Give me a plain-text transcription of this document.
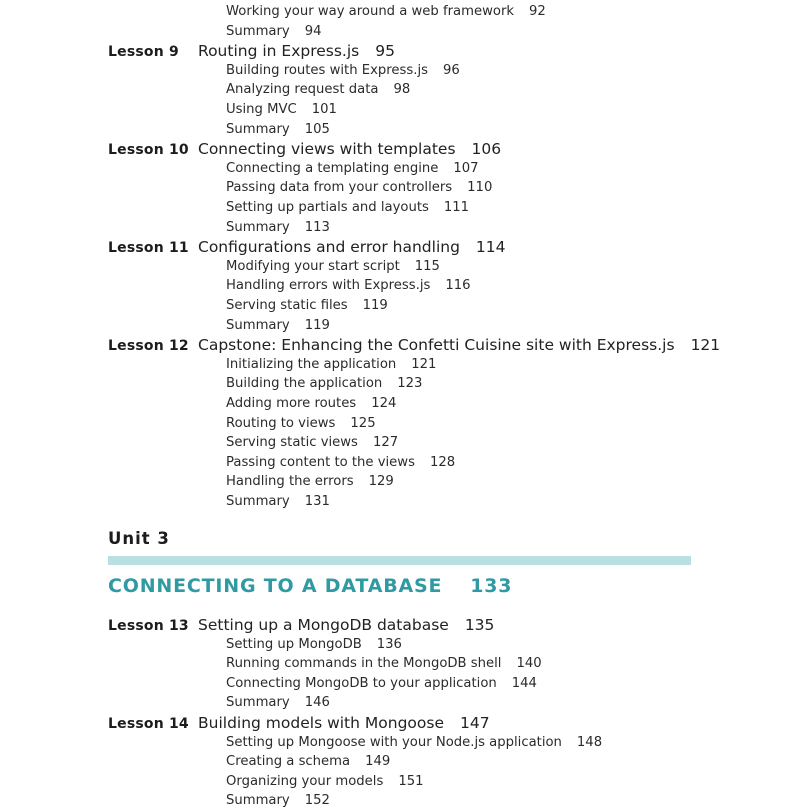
Working your way around a web framework 92
Summary 94
Lesson 9 Routing in Express.js 95
Building routes with Express.js 96
Analyzing request data 98
Using MVC 101
Summary 105
Lesson 10 Connecting views with templates 106
Connecting a templating engine 107
Passing data from your controllers 110
Setting up partials and layouts 111
Summary 113
Lesson 11 Configurations and error handling 114
Modifying your start script 115
Handling errors with Express.js 116
Serving static files 119
Summary 119
Lesson 12 Capstone: Enhancing the Confetti Cuisine site with Express.js 121
Initializing the application 121
Building the application 123
Adding more routes 124
Routing to views 125
Serving static views 127
Passing content to the views 128
Handling the errors 129
Summary 131
Unit 3
CONNECTING TO A DATABASE 133
Lesson 13 Setting up a MongoDB database 135
Setting up MongoDB 136
Running commands in the MongoDB shell 140
Connecting MongoDB to your application 144
Summary 146
Lesson 14 Building models with Mongoose 147
Setting up Mongoose with your Node.js application 148
Creating a schema 149
Organizing your models 151
Summary 152
